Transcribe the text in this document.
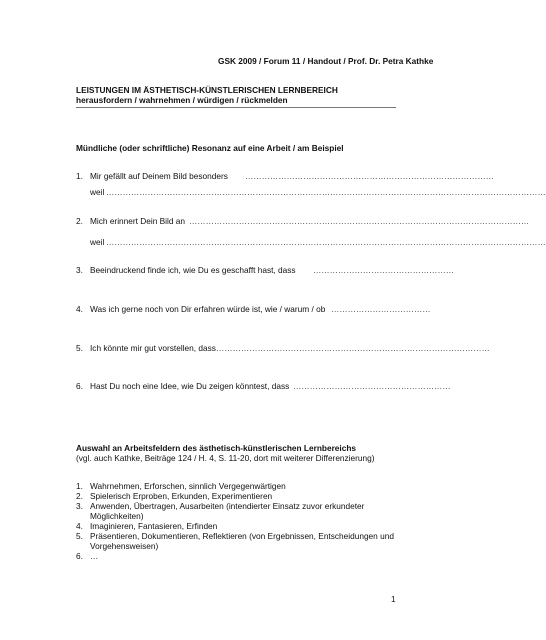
GSK 2009 / Forum 11 / Handout / Prof. Dr. Petra Kathke
LEISTUNGEN IM ÄSTHETISCH-KÜNSTLERISCHEN LERNBEREICH
herausfordern / wahrnehmen / würdigen / rückmelden
Mündliche (oder schriftliche) Resonanz auf eine Arbeit / am Beispiel
1. Mir gefällt auf Deinem Bild besonders ………………………………………………………………………………
weil ……………………………………………………………………………………………………………………………………………
2. Mich erinnert Dein Bild an ……………………………………………………………………………………………………………
weil ……………………………………………………………………………………………………………………………………………
3. Beeindruckend finde ich, wie Du es geschafft hast, dass ……………………………………………
4. Was ich gerne noch von Dir erfahren würde ist, wie / warum / ob ………………………………
5. Ich könnte mir gut vorstellen, dass ………………………………………………………………………………………
6. Hast Du noch eine Idee, wie Du zeigen könntest, dass …………………………………………………
Auswahl an Arbeitsfeldern des ästhetisch-künstlerischen Lernbereichs
(vgl. auch Kathke, Beiträge 124 / H. 4, S. 11-20, dort mit weiterer Differenzierung)
1. Wahrnehmen, Erforschen, sinnlich Vergegenwärtigen
2. Spielerisch Erproben, Erkunden, Experimentieren
3. Anwenden, Übertragen, Ausarbeiten (intendierter Einsatz zuvor erkundeter
Möglichkeiten)
4. Imaginieren, Fantasieren, Erfinden
5. Präsentieren, Dokumentieren, Reflektieren (von Ergebnissen, Entscheidungen und
Vorgehensweisen)
6. …
1
